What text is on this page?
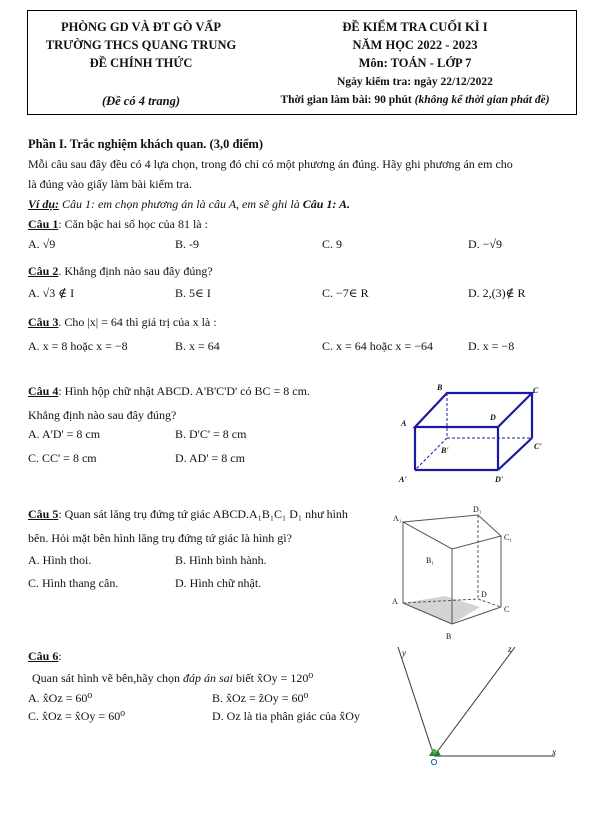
PHÒNG GD VÀ ĐT GÒ VẤP
TRƯỜNG THCS QUANG TRUNG
ĐỀ CHÍNH THỨC
(Đề có 4 trang)
ĐỀ KIỂM TRA CUỐI KÌ I
NĂM HỌC 2022 - 2023
Môn: TOÁN - LỚP 7
Ngày kiểm tra: ngày 22/12/2022
Thời gian làm bài: 90 phút (không kể thời gian phát đề)
Phần I. Trắc nghiệm khách quan. (3,0 điểm)
Mỗi câu sau đây đều có 4 lựa chọn, trong đó chỉ có một phương án đúng. Hãy ghi phương án em cho
là đúng vào giấy làm bài kiểm tra.
Ví dụ: Câu 1: em chọn phương án là câu A, em sẽ ghi là Câu 1: A.
Câu 1: Căn bậc hai số học của 81 là :
A. √9	B. -9	C. 9	D. −√9
Câu 2. Khẳng định nào sau đây đúng?
A. √3 ∉ I	B. 5∈ I	C. −7∈ R	D. 2,(3)∉ R
Câu 3. Cho |x| = 64 thì giá trị của x là :
A. x = 8 hoặc x = −8	B. x = 64	C. x = 64 hoặc x = −64	D. x = −8
Câu 4: Hình hộp chữ nhật ABCD. A'B'C'D' có BC = 8 cm.
Khẳng định nào sau đây đúng?
A. A'D' = 8 cm	B. D'C' = 8 cm
C. CC' = 8 cm	D. AD' = 8 cm
B	C
A
D
B'	C'
A'	D'
Câu 5: Quan sát lăng trụ đứng tứ giác ABCD.A₁B₁C₁ D₁ như hình
bên. Hỏi mặt bên hình lăng trụ đứng tứ giác là hình gì?
A. Hình thoi.	B. Hình bình hành.
C. Hình thang cân.	D. Hình chữ nhật.
A₁
D₁
C₁
B₁
A
D
C
B
Câu 6:
Quan sát hình vẽ bên,hãy chọn đáp án sai biết x̂Oy = 120⁰
A. x̂Oz = 60⁰	B. x̂Oz = ẑOy = 60⁰
C. x̂Oz = x̂Oy = 60⁰	D. Oz là tia phân giác của x̂Oy
y	z
x
